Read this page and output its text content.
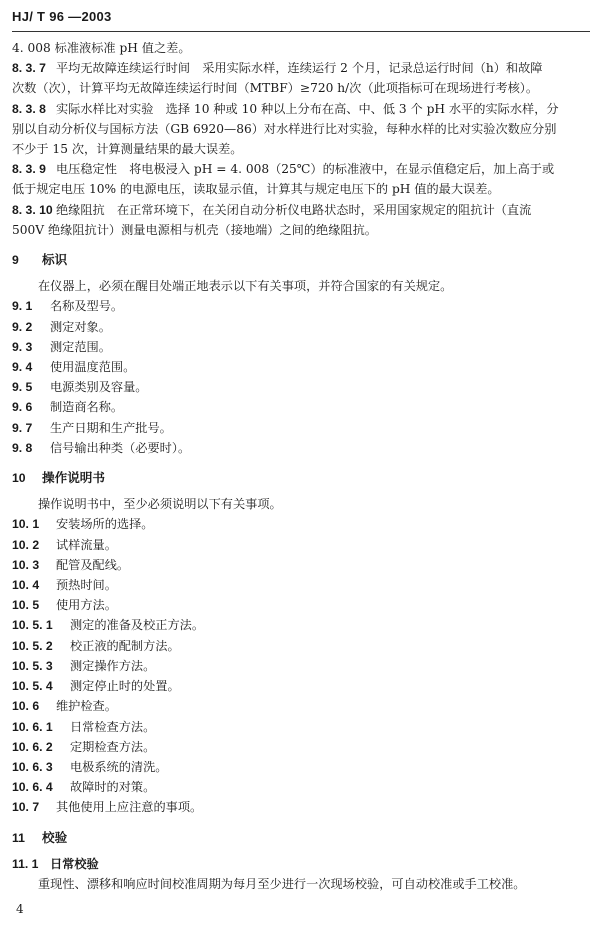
HJ/ T 96 —2003
4. 008 标准液标准 pH 值之差。
8. 3. 7 平均无故障连续运行时间　采用实际水样，连续运行 2 个月，记录总运行时间（h）和故障
次数（次），计算平均无故障连续运行时间（MTBF）≥720 h/次（此项指标可在现场进行考核）。
8. 3. 8 实际水样比对实验　选择 10 种或 10 种以上分布在高、中、低 3 个 pH 水平的实际水样，分
别以自动分析仪与国标方法（GB 6920—86）对水样进行比对实验，每种水样的比对实验次数应分别
不少于 15 次，计算测量结果的最大误差。
8. 3. 9 电压稳定性　将电极浸入 pH = 4. 008（25℃）的标准液中，在显示值稳定后，加上高于或
低于规定电压 10% 的电源电压，读取显示值，计算其与规定电压下的 pH 值的最大误差。
8. 3. 10 绝缘阻抗　在正常环境下，在关闭自动分析仪电路状态时，采用国家规定的阻抗计（直流
500V 绝缘阻抗计）测量电源相与机壳（接地端）之间的绝缘阻抗。
9 标识
在仪器上，必须在醒目处端正地表示以下有关事项，并符合国家的有关规定。
9. 1 名称及型号。
9. 2 测定对象。
9. 3 测定范围。
9. 4 使用温度范围。
9. 5 电源类别及容量。
9. 6 制造商名称。
9. 7 生产日期和生产批号。
9. 8 信号输出种类（必要时）。
10 操作说明书
操作说明书中，至少必须说明以下有关事项。
10. 1 安装场所的选择。
10. 2 试样流量。
10. 3 配管及配线。
10. 4 预热时间。
10. 5 使用方法。
10. 5. 1 测定的准备及校正方法。
10. 5. 2 校正液的配制方法。
10. 5. 3 测定操作方法。
10. 5. 4 测定停止时的处置。
10. 6 维护检查。
10. 6. 1 日常检查方法。
10. 6. 2 定期检查方法。
10. 6. 3 电极系统的清洗。
10. 6. 4 故障时的对策。
10. 7 其他使用上应注意的事项。
11 校验
11. 1 日常校验
重现性、漂移和响应时间校准周期为每月至少进行一次现场校验，可自动校准或手工校准。
4
